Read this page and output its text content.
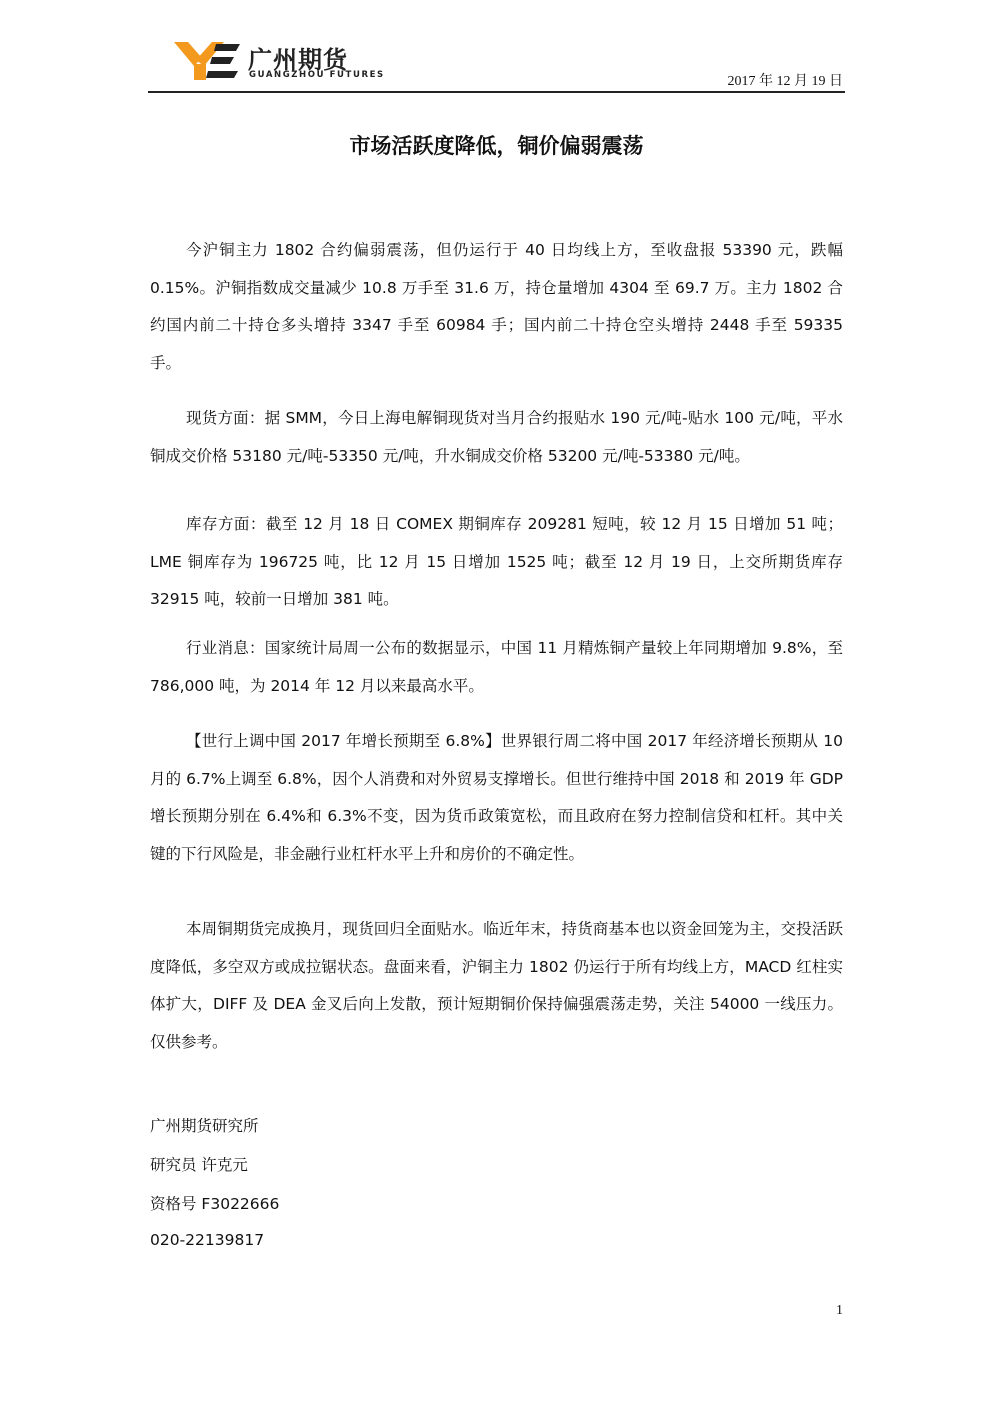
广州期货
GUANGZHOU FUTURES	2017 年 12 月 19 日
市场活跃度降低，铜价偏弱震荡

今沪铜主力 1802 合约偏弱震荡，但仍运行于 40 日均线上方，至收盘报 53390 元，跌幅 0.15%。沪铜指数成交量减少 10.8 万手至 31.6 万，持仓量增加 4304 至 69.7 万。主力 1802 合约国内前二十持仓多头增持 3347 手至 60984 手；国内前二十持仓空头增持 2448 手至 59335 手。

现货方面：据 SMM，今日上海电解铜现货对当月合约报贴水 190 元/吨-贴水 100 元/吨，平水铜成交价格 53180 元/吨-53350 元/吨，升水铜成交价格 53200 元/吨-53380 元/吨。

库存方面：截至 12 月 18 日 COMEX 期铜库存 209281 短吨，较 12 月 15 日增加 51 吨；LME 铜库存为 196725 吨，比 12 月 15 日增加 1525 吨；截至 12 月 19 日，上交所期货库存 32915 吨，较前一日增加 381 吨。

行业消息：国家统计局周一公布的数据显示，中国 11 月精炼铜产量较上年同期增加 9.8%，至 786,000 吨，为 2014 年 12 月以来最高水平。

【世行上调中国 2017 年增长预期至 6.8%】世界银行周二将中国 2017 年经济增长预期从 10 月的 6.7%上调至 6.8%，因个人消费和对外贸易支撑增长。但世行维持中国 2018 和 2019 年 GDP 增长预期分别在 6.4%和 6.3%不变，因为货币政策宽松，而且政府在努力控制信贷和杠杆。其中关键的下行风险是，非金融行业杠杆水平上升和房价的不确定性。

本周铜期货完成换月，现货回归全面贴水。临近年末，持货商基本也以资金回笼为主，交投活跃度降低，多空双方或成拉锯状态。盘面来看，沪铜主力 1802 仍运行于所有均线上方，MACD 红柱实体扩大，DIFF 及 DEA 金叉后向上发散，预计短期铜价保持偏强震荡走势，关注 54000 一线压力。仅供参考。

广州期货研究所
研究员 许克元
资格号 F3022666
020-22139817
1
